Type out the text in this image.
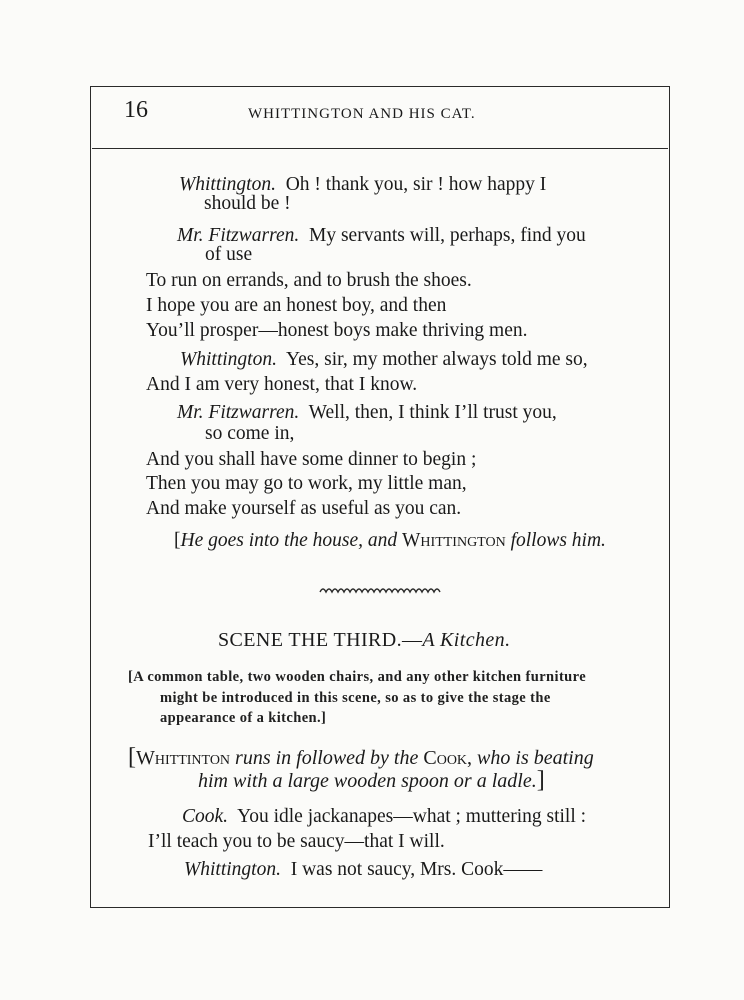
16	WHITTINGTON AND HIS CAT.
Whittington. Oh ! thank you, sir ! how happy I
should be !
Mr. Fitzwarren. My servants will, perhaps, find you
of use
To run on errands, and to brush the shoes.
I hope you are an honest boy, and then
You’ll prosper—honest boys make thriving men.
Whittington. Yes, sir, my mother always told me so,
And I am very honest, that I know.
Mr. Fitzwarren. Well, then, I think I’ll trust you,
so come in,
And you shall have some dinner to begin ;
Then you may go to work, my little man,
And make yourself as useful as you can.
[He goes into the house, and Whittington follows him.
SCENE THE THIRD.—A Kitchen.
[A common table, two wooden chairs, and any other kitchen furniture
might be introduced in this scene, so as to give the stage the
appearance of a kitchen.]
[Whittinton runs in followed by the Cook, who is beating
him with a large wooden spoon or a ladle.]
Cook. You idle jackanapes—what ; muttering still :
I’ll teach you to be saucy—that I will.
Whittington. I was not saucy, Mrs. Cook——
